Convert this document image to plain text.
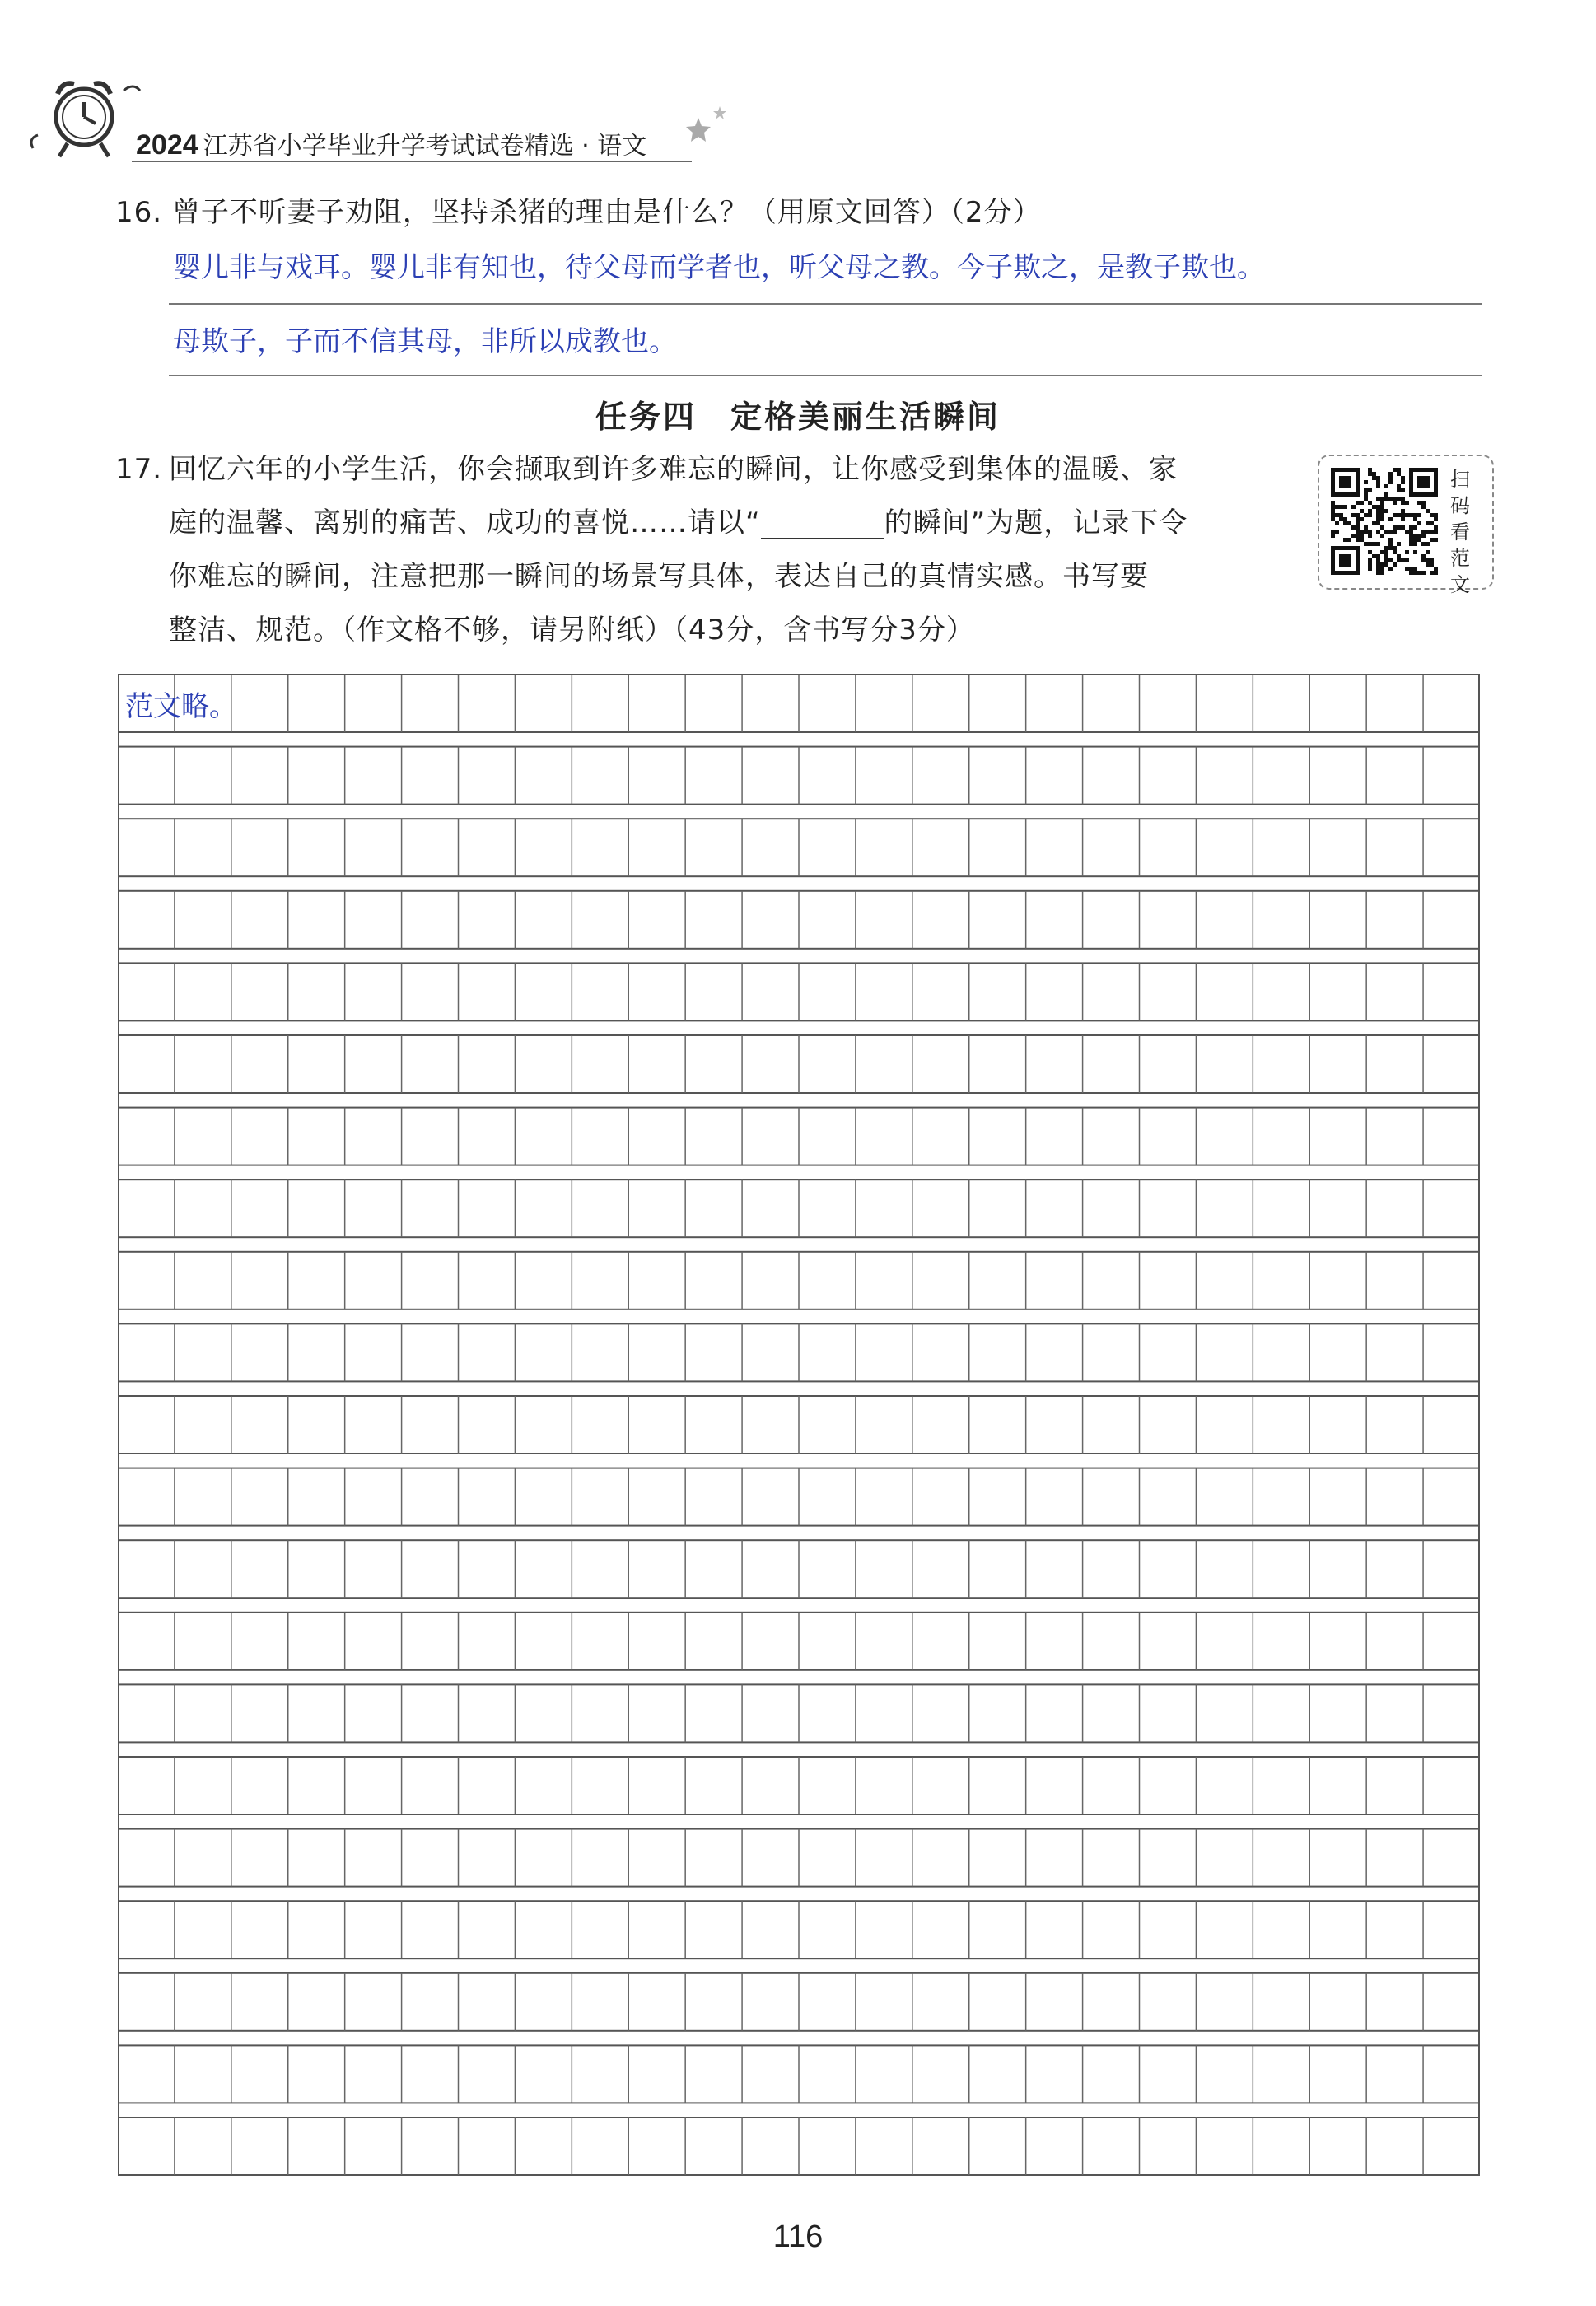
2024 江苏省小学毕业升学考试试卷精选 · 语文
16. 曾子不听妻子劝阻，坚持杀猪的理由是什么？（用原文回答）（2分）
婴儿非与戏耳。婴儿非有知也，待父母而学者也，听父母之教。今子欺之，是教子欺也。
母欺子，子而不信其母，非所以成教也。
任务四　定格美丽生活瞬间
17. 回忆六年的小学生活，你会撷取到许多难忘的瞬间，让你感受到集体的温暖、家
庭的温馨、离别的痛苦、成功的喜悦……请以“	的瞬间”为题，记录下令
你难忘的瞬间，注意把那一瞬间的场景写具体，表达自己的真情实感。书写要
整洁、规范。（作文格不够，请另附纸）（43分，含书写分3分）
扫
码
看
范
文
范文略。
116
